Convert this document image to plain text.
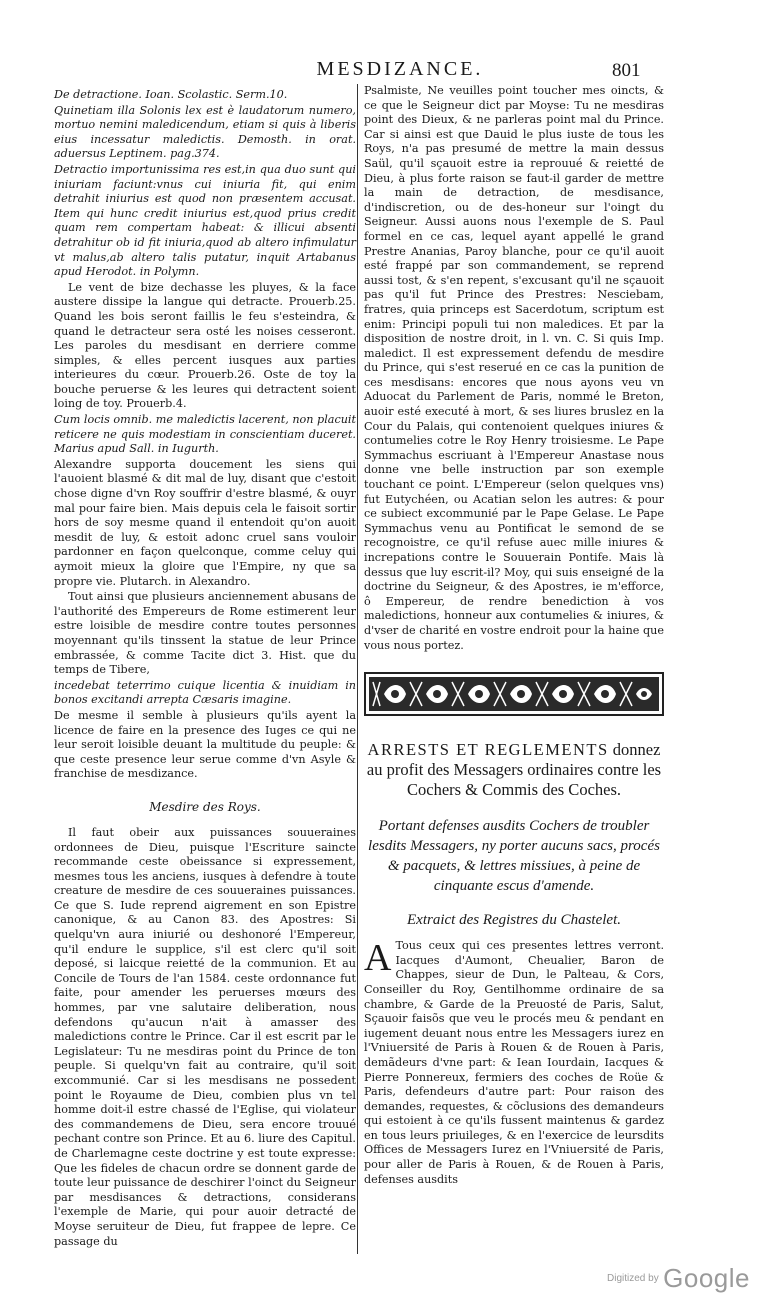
MESDIZANCE.	801

De detractione. Ioan. Scolastic. Serm.10.

Quinetiam illa Solonis lex est è laudatorum numero, mortuo nemini maledicendum, etiam si quis à liberis eius incessatur maledictis. Demosth. in orat. aduersus Leptinem. pag.374.

Detractio importunissima res est,in qua duo sunt qui iniuriam faciunt:vnus cui iniuria fit, qui enim detrahit iniurius est quod non præsentem accusat. Item qui hunc credit iniurius est,quod prius credit quam rem compertam habeat: & illicui absenti detrahitur ob id fit iniuria,quod ab altero infimulatur vt malus,ab altero talis putatur, inquit Artabanus apud Herodot. in Polymn.

Le vent de bize dechasse les pluyes, & la face austere dissipe la langue qui detracte. Prouerb.25. Quand les bois seront faillis le feu s'esteindra, & quand le detracteur sera osté les noises cesseront. Les paroles du mesdisant en derriere comme simples, & elles percent iusques aux parties interieures du cœur. Prouerb.26. Oste de toy la bouche peruerse & les leures qui detractent soient loing de toy. Prouerb.4.

Cum locis omnib. me maledictis lacerent, non placuit reticere ne quis modestiam in conscientiam duceret. Marius apud Sall. in Iugurth.

Alexandre supporta doucement les siens qui l'auoient blasmé & dit mal de luy, disant que c'estoit chose digne d'vn Roy souffrir d'estre blasmé, & ouyr mal pour faire bien. Mais depuis cela le faisoit sortir hors de soy mesme quand il entendoit qu'on auoit mesdit de luy, & estoit adonc cruel sans vouloir pardonner en façon quelconque, comme celuy qui aymoit mieux la gloire que l'Empire, ny que sa propre vie. Plutarch. in Alexandro.

Tout ainsi que plusieurs anciennement abusans de l'authorité des Empereurs de Rome estimerent leur estre loisible de mesdire contre toutes personnes moyennant qu'ils tinssent la statue de leur Prince embrassée, & comme Tacite dict 3. Hist. que du temps de Tibere,

incedebat teterrimo cuique licentia & inuidiam in bonos excitandi arrepta Cæsaris imagine.

De mesme il semble à plusieurs qu'ils ayent la licence de faire en la presence des Iuges ce qui ne leur seroit loisible deuant la multitude du peuple: & que ceste presence leur serue comme d'vn Asyle & franchise de mesdizance.

Mesdire des Roys.

Il faut obeir aux puissances souueraines ordonnees de Dieu, puisque l'Escriture saincte recommande ceste obeissance si expressement, mesmes tous les anciens, iusques à defendre à toute creature de mesdire de ces souueraines puissances. Ce que S. Iude reprend aigrement en son Epistre canonique, & au Canon 83. des Apostres: Si quelqu'vn aura iniurié ou deshonoré l'Empereur, qu'il endure le supplice, s'il est clerc qu'il soit deposé, si laicque reietté de la communion. Et au Concile de Tours de l'an 1584. ceste ordonnance fut faite, pour amender les peruerses mœurs des hommes, par vne salutaire deliberation, nous defendons qu'aucun n'ait à amasser des maledictions contre le Prince. Car il est escrit par le Legislateur: Tu ne mesdiras point du Prince de ton peuple. Si quelqu'vn fait au contraire, qu'il soit excommunié. Car si les mesdisans ne possedent point le Royaume de Dieu, combien plus vn tel homme doit-il estre chassé de l'Eglise, qui violateur des commandemens de Dieu, sera encore trouué pechant contre son Prince. Et au 6. liure des Capitul. de Charlemagne ceste doctrine y est toute expresse: Que les fideles de chacun ordre se donnent garde de toute leur puissance de deschirer l'oinct du Seigneur par mesdisances & detractions, considerans l'exemple de Marie, qui pour auoir detracté de Moyse seruiteur de Dieu, fut frappee de lepre. Ce passage du

Psalmiste, Ne veuilles point toucher mes oincts, & ce que le Seigneur dict par Moyse: Tu ne mesdiras point des Dieux, & ne parleras point mal du Prince. Car si ainsi est que Dauid le plus iuste de tous les Roys, n'a pas presumé de mettre la main dessus Saül, qu'il sçauoit estre ia reprouué & reietté de Dieu, à plus forte raison se faut-il garder de mettre la main de detraction, de mesdisance, d'indiscretion, ou de des-honeur sur l'oingt du Seigneur. Aussi auons nous l'exemple de S. Paul formel en ce cas, lequel ayant appellé le grand Prestre Ananias, Paroy blanche, pour ce qu'il auoit esté frappé par son commandement, se reprend aussi tost, & s'en repent, s'excusant qu'il ne sçauoit pas qu'il fut Prince des Prestres: Nesciebam, fratres, quia princeps est Sacerdotum, scriptum est enim: Principi populi tui non maledices. Et par la disposition de nostre droit, in l. vn. C. Si quis Imp. maledict. Il est expressement defendu de mesdire du Prince, qui s'est reserué en ce cas la punition de ces mesdisans: encores que nous ayons veu vn Aduocat du Parlement de Paris, nommé le Breton, auoir esté executé à mort, & ses liures bruslez en la Cour du Palais, qui contenoient quelques iniures & contumelies cotre le Roy Henry troisiesme. Le Pape Symmachus escriuant à l'Empereur Anastase nous donne vne belle instruction par son exemple touchant ce point. L'Empereur (selon quelques vns) fut Eutychéen, ou Acatian selon les autres: & pour ce subiect excommunié par le Pape Gelase. Le Pape Symmachus venu au Pontificat le semond de se recognoistre, ce qu'il refuse auec mille iniures & increpations contre le Souuerain Pontife. Mais là dessus que luy escrit-il? Moy, qui suis enseigné de la doctrine du Seigneur, & des Apostres, ie m'efforce, ô Empereur, de rendre benediction à vos maledictions, honneur aux contumelies & iniures, & d'vser de charité en vostre endroit pour la haine que vous nous portez.

ARRESTS ET REGLEMENTS donnez au profit des Messagers ordinaires contre les Cochers & Commis des Coches.
Portant defenses ausdits Cochers de troubler lesdits Messagers, ny porter aucuns sacs, procés & pacquets, & lettres missiues, à peine de cinquante escus d'amende.
Extraict des Registres du Chastelet.

A Tous ceux qui ces presentes lettres verront. Iacques d'Aumont, Cheualier, Baron de Chappes, sieur de Dun, le Palteau, & Cors, Conseiller du Roy, Gentilhomme ordinaire de sa chambre, & Garde de la Preuosté de Paris, Salut, Sçauoir faisõs que veu le procés meu & pendant en iugement deuant nous entre les Messagers iurez en l'Vniuersité de Paris à Rouen & de Rouen à Paris, demãdeurs d'vne part: & Iean Iourdain, Iacques & Pierre Ponnereux, fermiers des coches de Roüe & Paris, defendeurs d'autre part: Pour raison des demandes, requestes, & cõclusions des demandeurs qui estoient à ce qu'ils fussent maintenus & gardez en tous leurs priuileges, & en l'exercice de leursdits Offices de Messagers Iurez en l'Vniuersité de Paris, pour aller de Paris à Rouen, & de Rouen à Paris, defenses ausdits

Digitized by Google
